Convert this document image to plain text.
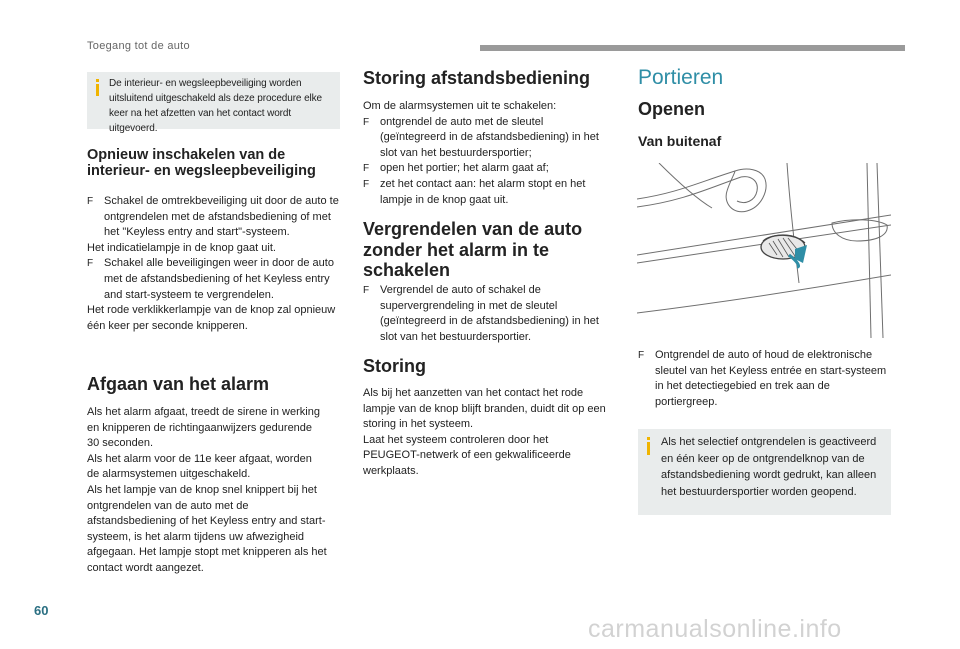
Toegang tot de auto
De interieur- en wegsleepbeveiliging worden uitsluitend uitgeschakeld als deze procedure elke keer na het afzetten van het contact wordt uitgevoerd.
Opnieuw inschakelen van de
interieur- en wegsleepbeveiliging
F Schakel de omtrekbeveiliging uit door de auto te ontgrendelen met de afstandsbediening of met het "Keyless entry and start"-systeem.

Het indicatielampje in de knop gaat uit.

F Schakel alle beveiligingen weer in door de auto met de afstandsbediening of het Keyless entry and start-systeem te vergrendelen.

Het rode verklikkerlampje van de knop zal opnieuw één keer per seconde knipperen.

Afgaan van het alarm

Als het alarm afgaat, treedt de sirene in werking en knipperen de richtingaanwijzers gedurende 30 seconden.

Als het alarm voor de 11e keer afgaat, worden de alarmsystemen uitgeschakeld.

Als het lampje van de knop snel knippert bij het ontgrendelen van de auto met de afstandsbediening of het Keyless entry and start-systeem, is het alarm tijdens uw afwezigheid afgegaan. Het lampje stopt met knipperen als het contact wordt aangezet.

Storing afstandsbediening

Om de alarmsystemen uit te schakelen:

F ontgrendel de auto met de sleutel (geïntegreerd in de afstandsbediening) in het slot van het bestuurdersportier;
F open het portier; het alarm gaat af;
F zet het contact aan: het alarm stopt en het lampje in de knop gaat uit.
Vergrendelen van de auto
zonder het alarm in te
schakelen
F Vergrendel de auto of schakel de supervergrendeling in met de sleutel (geïntegreerd in de afstandsbediening) in het slot van het bestuurdersportier.
Storing

Als bij het aanzetten van het contact het rode lampje van de knop blijft branden, duidt dit op een storing in het systeem.

Laat het systeem controleren door het PEUGEOT-netwerk of een gekwalificeerde werkplaats.

Portieren
Openen
Van buitenaf
F Ontgrendel de auto of houd de elektronische sleutel van het Keyless entrée en start-systeem in het detectiegebied en trek aan de portiergreep.
Als het selectief ontgrendelen is geactiveerd en één keer op de ontgrendelknop van de afstandsbediening wordt gedrukt, kan alleen het bestuurdersportier worden geopend.
60
carmanualsonline.info
